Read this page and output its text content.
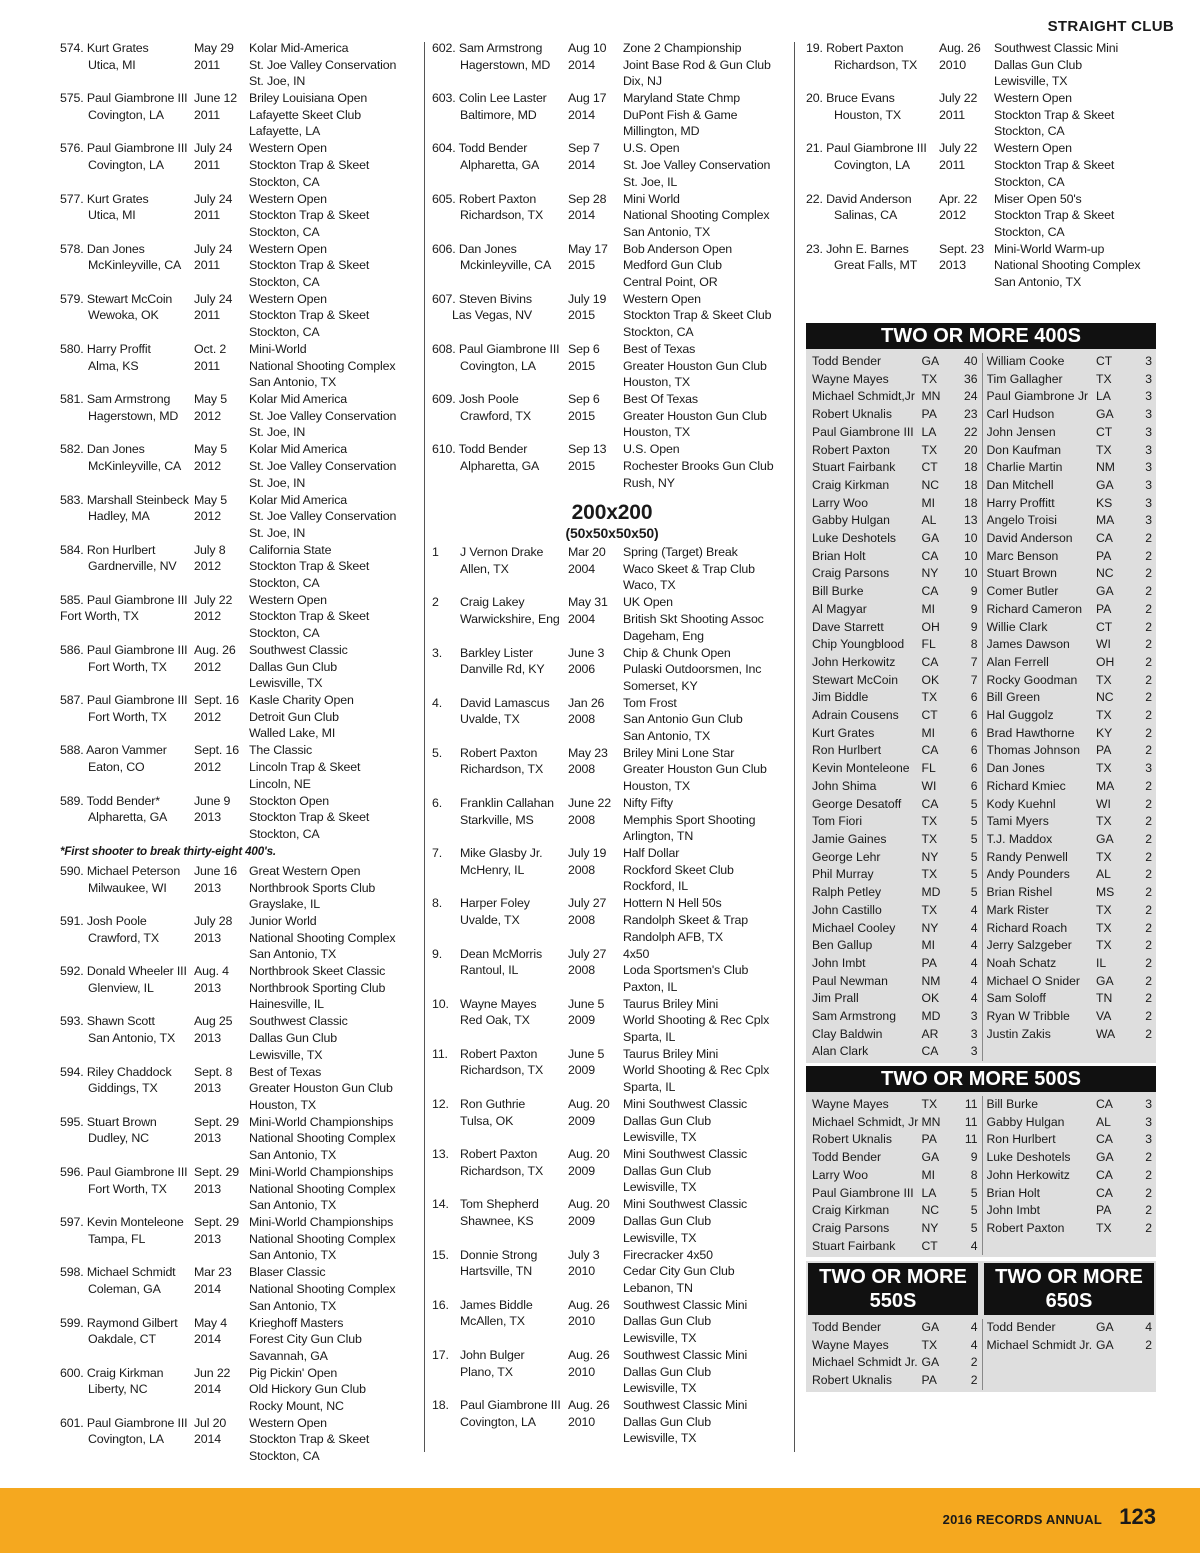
STRAIGHT CLUB
574. Kurt Grates
Utica, MI
May 29
2011
Kolar Mid-America
St. Joe Valley Conservation
St. Joe, IN
575. Paul Giambrone III
Covington, LA
June 12
2011
Briley Louisiana Open
Lafayette Skeet Club
Lafayette, LA
576. Paul Giambrone III
Covington, LA
July 24
2011
Western Open
Stockton Trap & Skeet
Stockton, CA
577. Kurt Grates
Utica, MI
July 24
2011
Western Open
Stockton Trap & Skeet
Stockton, CA
578. Dan Jones
McKinleyville, CA
July 24
2011
Western Open
Stockton Trap & Skeet
Stockton, CA
579. Stewart McCoin
Wewoka, OK
July 24
2011
Western Open
Stockton Trap & Skeet
Stockton, CA
580. Harry Proffit
Alma, KS
Oct. 2
2011
Mini-World
National Shooting Complex
San Antonio, TX
581. Sam Armstrong
Hagerstown, MD
May 5
2012
Kolar Mid America
St. Joe Valley Conservation
St. Joe, IN
582. Dan Jones
McKinleyville, CA
May 5
2012
Kolar Mid America
St. Joe Valley Conservation
St. Joe, IN
583. Marshall Steinbeck
Hadley, MA
May 5
2012
Kolar Mid America
St. Joe Valley Conservation
St. Joe, IN
584. Ron Hurlbert
Gardnerville, NV
July 8
2012
California State
Stockton Trap & Skeet
Stockton, CA
585. Paul Giambrone III
Fort Worth, TX
July 22
2012
Western Open
Stockton Trap & Skeet
Stockton, CA
586. Paul Giambrone III
Fort Worth, TX
Aug. 26
2012
Southwest Classic
Dallas Gun Club
Lewisville, TX
587. Paul Giambrone III
Fort Worth, TX
Sept. 16
2012
Kasle Charity Open
Detroit Gun Club
Walled Lake, MI
588. Aaron Vammer
Eaton, CO
Sept. 16
2012
The Classic
Lincoln Trap & Skeet
Lincoln, NE
589. Todd Bender*
Alpharetta, GA
June 9
2013
Stockton Open
Stockton Trap & Skeet
Stockton, CA
*First shooter to break thirty-eight 400's.
590. Michael Peterson
Milwaukee, WI
June 16
2013
Great Western Open
Northbrook Sports Club
Grayslake, IL
591. Josh Poole
Crawford, TX
July 28
2013
Junior World
National Shooting Complex
San Antonio, TX
592. Donald Wheeler III
Glenview, IL
Aug. 4
2013
Northbrook Skeet Classic
Northbrook Sporting Club
Hainesville, IL
593. Shawn Scott
San Antonio, TX
Aug 25
2013
Southwest Classic
Dallas Gun Club
Lewisville, TX
594. Riley Chaddock
Giddings, TX
Sept. 8
2013
Best of Texas
Greater Houston Gun Club
Houston, TX
595. Stuart Brown
Dudley, NC
Sept. 29
2013
Mini-World Championships
National Shooting Complex
San Antonio, TX
596. Paul Giambrone III
Fort Worth, TX
Sept. 29
2013
Mini-World Championships
National Shooting Complex
San Antonio, TX
597. Kevin Monteleone
Tampa, FL
Sept. 29
2013
Mini-World Championships
National Shooting Complex
San Antonio, TX
598. Michael Schmidt
Coleman, GA
Mar 23
2014
Blaser Classic
National Shooting Complex
San Antonio, TX
599. Raymond Gilbert
Oakdale, CT
May 4
2014
Krieghoff Masters
Forest City Gun Club
Savannah, GA
600. Craig Kirkman
Liberty, NC
Jun 22
2014
Pig Pickin' Open
Old Hickory Gun Club
Rocky Mount, NC
601. Paul Giambrone III
Covington, LA
Jul 20
2014
Western Open
Stockton Trap & Skeet
Stockton, CA
602. Sam Armstrong
Hagerstown, MD
Aug 10
2014
Zone 2 Championship
Joint Base Rod & Gun Club
Dix, NJ
603. Colin Lee Laster
Baltimore, MD
Aug 17
2014
Maryland State Chmp
DuPont Fish & Game
Millington, MD
604. Todd Bender
Alpharetta, GA
Sep 7
2014
U.S. Open
St. Joe Valley Conservation
St. Joe, IL
605. Robert Paxton
Richardson, TX
Sep 28
2014
Mini World
National Shooting Complex
San Antonio, TX
606. Dan Jones
Mckinleyville, CA
May 17
2015
Bob Anderson Open
Medford Gun Club
Central Point, OR
607. Steven Bivins
Las Vegas, NV
July 19
2015
Western Open
Stockton Trap & Skeet Club
Stockton, CA
608. Paul Giambrone III
Covington, LA
Sep 6
2015
Best of Texas
Greater Houston Gun Club
Houston, TX
609. Josh Poole
Crawford, TX
Sep 6
2015
Best Of Texas
Greater Houston Gun Club
Houston, TX
610. Todd Bender
Alpharetta, GA
Sep 13
2015
U.S. Open
Rochester Brooks Gun Club
Rush, NY
200x200
(50x50x50x50)
1	J Vernon Drake
Allen, TX
Mar 20
2004
Spring (Target) Break
Waco Skeet & Trap Club
Waco, TX
2	Craig Lakey
Warwickshire, Eng
May 31
2004
UK Open
British Skt Shooting Assoc
Dageham, Eng
3.	Barkley Lister
Danville Rd, KY
June 3
2006
Chip & Chunk Open
Pulaski Outdoorsmen, Inc
Somerset, KY
4.	David Lamascus
Uvalde, TX
Jan 26
2008
Tom Frost
San Antonio Gun Club
San Antonio, TX
5.	Robert Paxton
Richardson, TX
May 23
2008
Briley Mini Lone Star
Greater Houston Gun Club
Houston, TX
6.	Franklin Callahan
Starkville, MS
June 22
2008
Nifty Fifty
Memphis Sport Shooting
Arlington, TN
7.	Mike Glasby Jr.
McHenry, IL
July 19
2008
Half Dollar
Rockford Skeet Club
Rockford, IL
8.	Harper Foley
Uvalde, TX
July 27
2008
Hottern N Hell 50s
Randolph Skeet & Trap
Randolph AFB, TX
9.	Dean McMorris
Rantoul, IL
July 27
2008
4x50
Loda Sportsmen's Club
Paxton, IL
10. Wayne Mayes
Red Oak, TX
June 5
2009
Taurus Briley Mini
World Shooting & Rec Cplx
Sparta, IL
11. Robert Paxton
Richardson, TX
June 5
2009
Taurus Briley Mini
World Shooting & Rec Cplx
Sparta, IL
12. Ron Guthrie
Tulsa, OK
Aug. 20
2009
Mini Southwest Classic
Dallas Gun Club
Lewisville, TX
13. Robert Paxton
Richardson, TX
Aug. 20
2009
Mini Southwest Classic
Dallas Gun Club
Lewisville, TX
14. Tom Shepherd
Shawnee, KS
Aug. 20
2009
Mini Southwest Classic
Dallas Gun Club
Lewisville, TX
15. Donnie Strong
Hartsville, TN
July 3
2010
Firecracker 4x50
Cedar City Gun Club
Lebanon, TN
16. James Biddle
McAllen, TX
Aug. 26
2010
Southwest Classic Mini
Dallas Gun Club
Lewisville, TX
17. John Bulger
Plano, TX
Aug. 26
2010
Southwest Classic Mini
Dallas Gun Club
Lewisville, TX
18. Paul Giambrone III
Covington, LA
Aug. 26
2010
Southwest Classic Mini
Dallas Gun Club
Lewisville, TX
19. Robert Paxton
Richardson, TX
Aug. 26
2010
Southwest Classic Mini
Dallas Gun Club
Lewisville, TX
20. Bruce Evans
Houston, TX
July 22
2011
Western Open
Stockton Trap & Skeet
Stockton, CA
21. Paul Giambrone III
Covington, LA
July 22
2011
Western Open
Stockton Trap & Skeet
Stockton, CA
22. David Anderson
Salinas, CA
Apr. 22
2012
Miser Open 50's
Stockton Trap & Skeet
Stockton, CA
23. John E. Barnes
Great Falls, MT
Sept. 23
2013
Mini-World Warm-up
National Shooting Complex
San Antonio, TX
TWO OR MORE 400S
Todd Bender	GA	40
Wayne Mayes	TX	36
Michael Schmidt,Jr MN	24
Robert Uknalis	PA	23
Paul Giambrone III LA	22
Robert Paxton	TX	20
Stuart Fairbank	CT	18
Craig Kirkman	NC	18
Larry Woo	MI	18
Gabby Hulgan	AL	13
Luke Deshotels	GA	10
Brian Holt	CA	10
Craig Parsons	NY	10
Bill Burke	CA	9
Al Magyar	MI	9
Dave Starrett	OH	9
Chip Youngblood	FL	8
John Herkowitz	CA	7
Stewart McCoin	OK	7
Jim Biddle	TX	6
Adrain Cousens	CT	6
Kurt Grates	MI	6
Ron Hurlbert	CA	6
Kevin Monteleone FL	6
John Shima	WI	6
George Desatoff	CA	5
Tom Fiori	TX	5
Jamie Gaines	TX	5
George Lehr	NY	5
Phil Murray	TX	5
Ralph Petley	MD	5
John Castillo	TX	4
Michael Cooley	NY	4
Ben Gallup	MI	4
John Imbt	PA	4
Paul Newman	NM	4
Jim Prall	OK	4
Sam Armstrong	MD	3
Clay Baldwin	AR	3
Alan Clark	CA	3
William Cooke	CT	3
Tim Gallagher	TX	3
Paul Giambrone Jr LA	3
Carl Hudson	GA	3
John Jensen	CT	3
Don Kaufman	TX	3
Charlie Martin	NM	3
Dan Mitchell	GA	3
Harry Proffitt	KS	3
Angelo Troisi	MA	3
David Anderson	CA	2
Marc Benson	PA	2
Stuart Brown	NC	2
Comer Butler	GA	2
Richard Cameron	PA	2
Willie Clark	CT	2
James Dawson	WI	2
Alan Ferrell	OH	2
Rocky Goodman	TX	2
Bill Green	NC	2
Hal Guggolz	TX	2
Brad Hawthorne	KY	2
Thomas Johnson	PA	2
Dan Jones	TX	3
Richard Kmiec	MA	2
Kody Kuehnl	WI	2
Tami Myers	TX	2
T.J. Maddox	GA	2
Randy Penwell	TX	2
Andy Pounders	AL	2
Brian Rishel	MS	2
Mark Rister	TX	2
Richard Roach	TX	2
Jerry Salzgeber	TX	2
Noah Schatz	IL	2
Michael O Snider	GA	2
Sam Soloff	TN	2
Ryan W Tribble	VA	2
Justin Zakis	WA	2
TWO OR MORE 500S
Wayne Mayes	TX	11
Michael Schmidt, Jr MN	11
Robert Uknalis	PA	11
Todd Bender	GA	9
Larry Woo	MI	8
Paul Giambrone III LA	5
Craig Kirkman	NC	5
Craig Parsons	NY	5
Stuart Fairbank	CT	4
Bill Burke	CA	3
Gabby Hulgan	AL	3
Ron Hurlbert	CA	3
Luke Deshotels	GA	2
John Herkowitz	CA	2
Brian Holt	CA	2
John Imbt	PA	2
Robert Paxton	TX	2
TWO OR MORE
550S
TWO OR MORE
650S
Todd Bender	GA	4
Wayne Mayes	TX	4
Michael Schmidt Jr. GA	2
Robert Uknalis	PA	2
Todd Bender	GA	4
Michael Schmidt Jr. GA	2
2016 RECORDS ANNUAL 123
